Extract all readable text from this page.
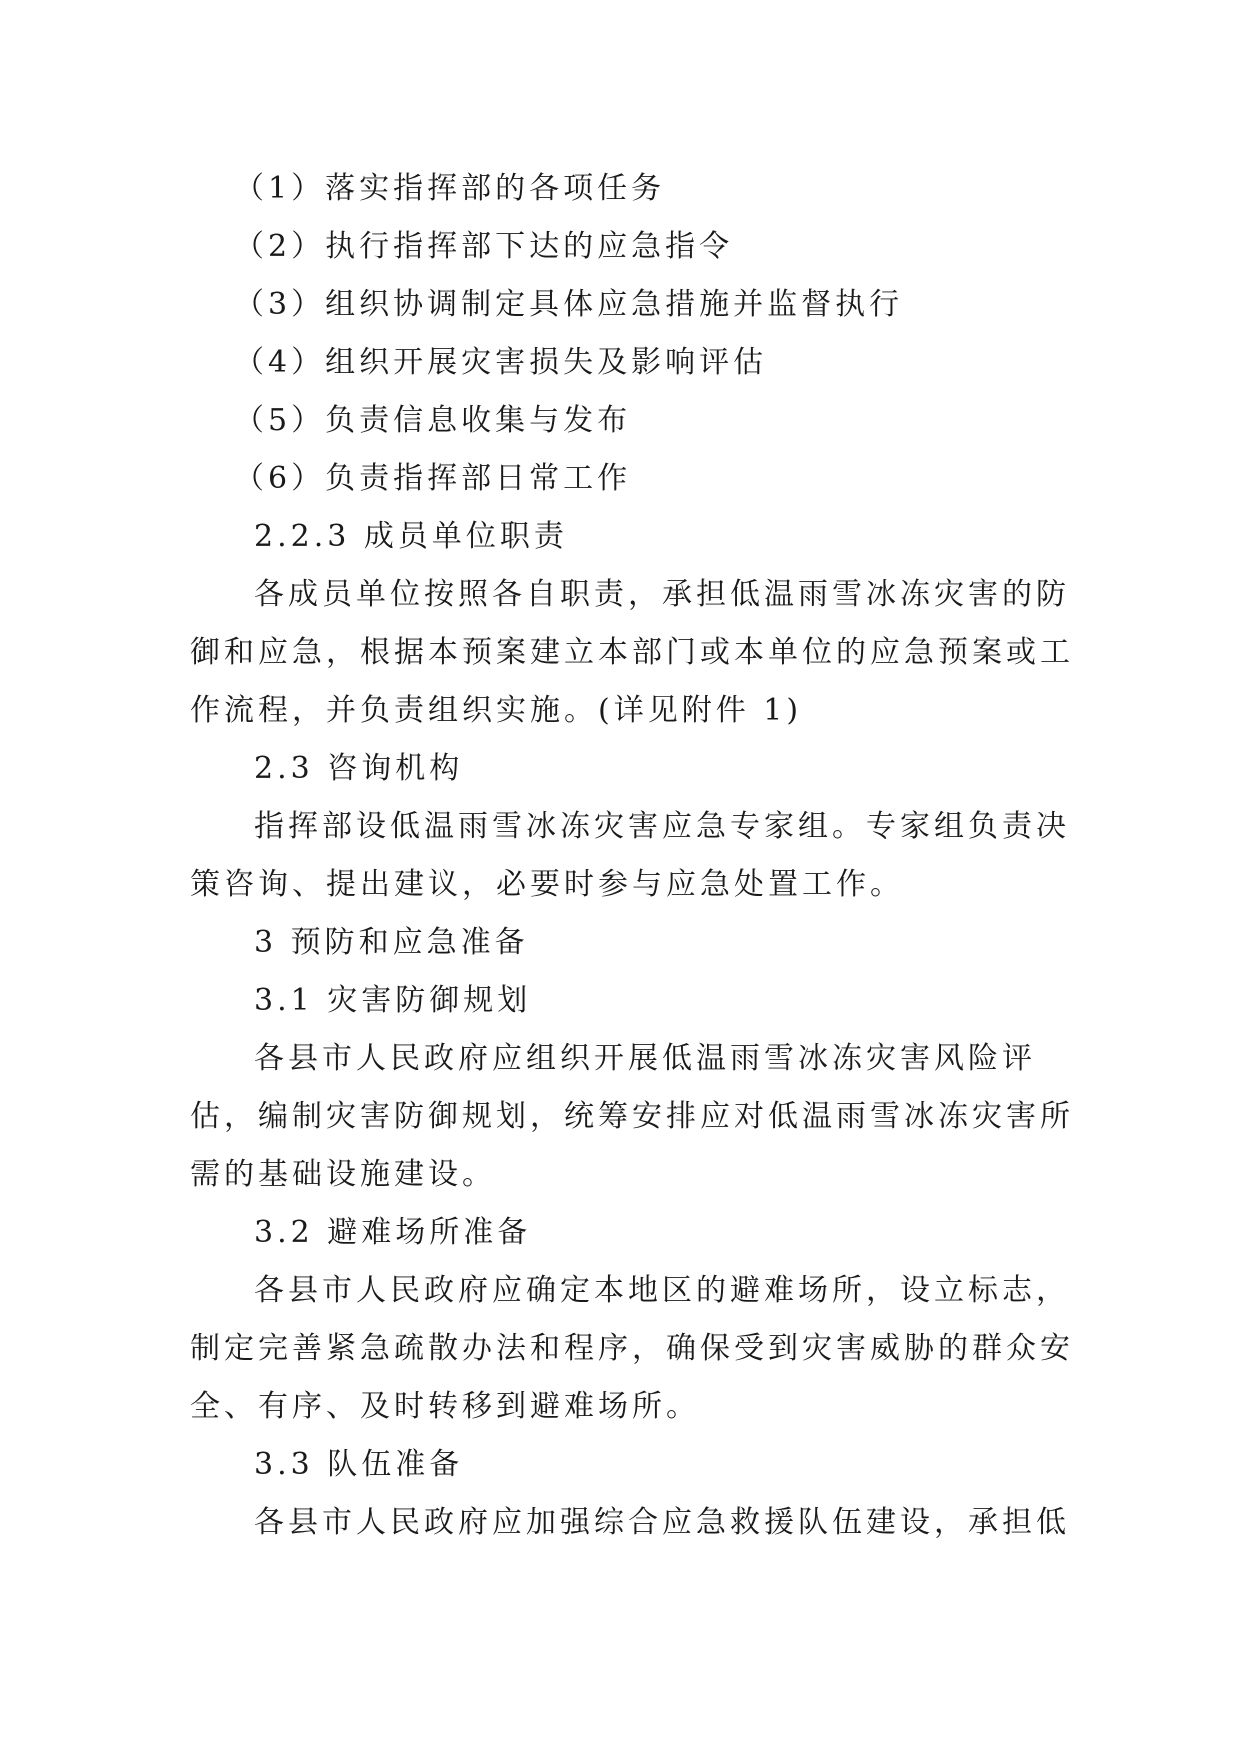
（1）落实指挥部的各项任务
（2）执行指挥部下达的应急指令
（3）组织协调制定具体应急措施并监督执行
（4）组织开展灾害损失及影响评估
（5）负责信息收集与发布
（6）负责指挥部日常工作
2.2.3 成员单位职责
各成员单位按照各自职责，承担低温雨雪冰冻灾害的防
御和应急，根据本预案建立本部门或本单位的应急预案或工
作流程，并负责组织实施。(详见附件 1)
2.3 咨询机构
指挥部设低温雨雪冰冻灾害应急专家组。专家组负责决
策咨询、提出建议，必要时参与应急处置工作。
3 预防和应急准备
3.1 灾害防御规划
各县市人民政府应组织开展低温雨雪冰冻灾害风险评
估，编制灾害防御规划，统筹安排应对低温雨雪冰冻灾害所
需的基础设施建设。
3.2 避难场所准备
各县市人民政府应确定本地区的避难场所，设立标志，
制定完善紧急疏散办法和程序，确保受到灾害威胁的群众安
全、有序、及时转移到避难场所。
3.3 队伍准备
各县市人民政府应加强综合应急救援队伍建设，承担低
